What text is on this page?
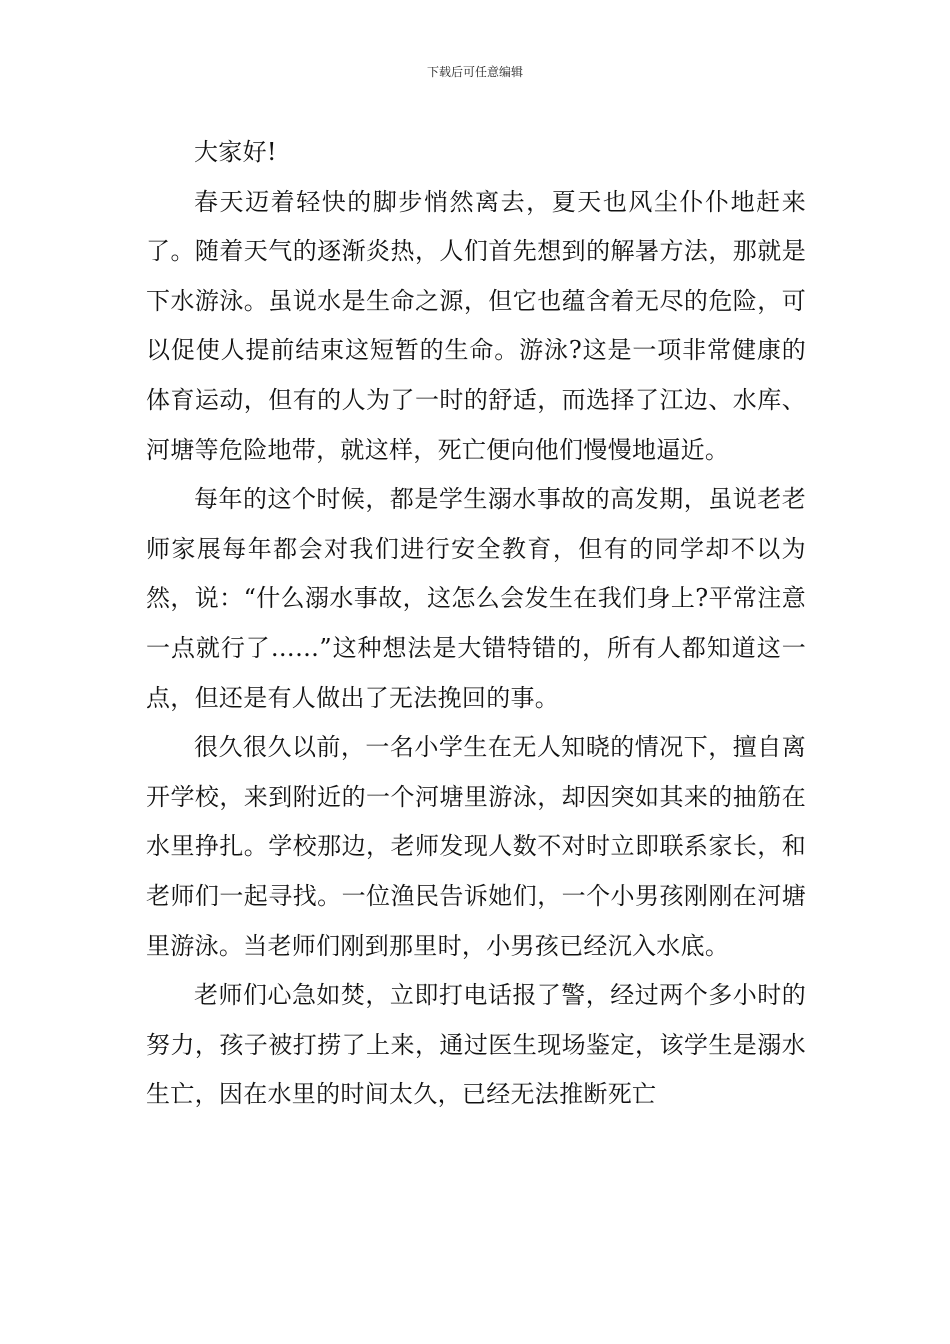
下载后可任意编辑

大家好!

春天迈着轻快的脚步悄然离去，夏天也风尘仆仆地赶来了。随着天气的逐渐炎热，人们首先想到的解暑方法，那就是下水游泳。虽说水是生命之源，但它也蕴含着无尽的危险，可以促使人提前结束这短暂的生命。游泳?这是一项非常健康的体育运动，但有的人为了一时的舒适，而选择了江边、水库、河塘等危险地带，就这样，死亡便向他们慢慢地逼近。

每年的这个时候，都是学生溺水事故的高发期，虽说老老师家展每年都会对我们进行安全教育，但有的同学却不以为然，说：“什么溺水事故，这怎么会发生在我们身上?平常注意一点就行了……”这种想法是大错特错的，所有人都知道这一点，但还是有人做出了无法挽回的事。

很久很久以前，一名小学生在无人知晓的情况下，擅自离开学校，来到附近的一个河塘里游泳，却因突如其来的抽筋在水里挣扎。学校那边，老师发现人数不对时立即联系家长，和老师们一起寻找。一位渔民告诉她们，一个小男孩刚刚在河塘里游泳。当老师们刚到那里时，小男孩已经沉入水底。

老师们心急如焚，立即打电话报了警，经过两个多小时的努力，孩子被打捞了上来，通过医生现场鉴定，该学生是溺水生亡，因在水里的时间太久，已经无法推断死亡
